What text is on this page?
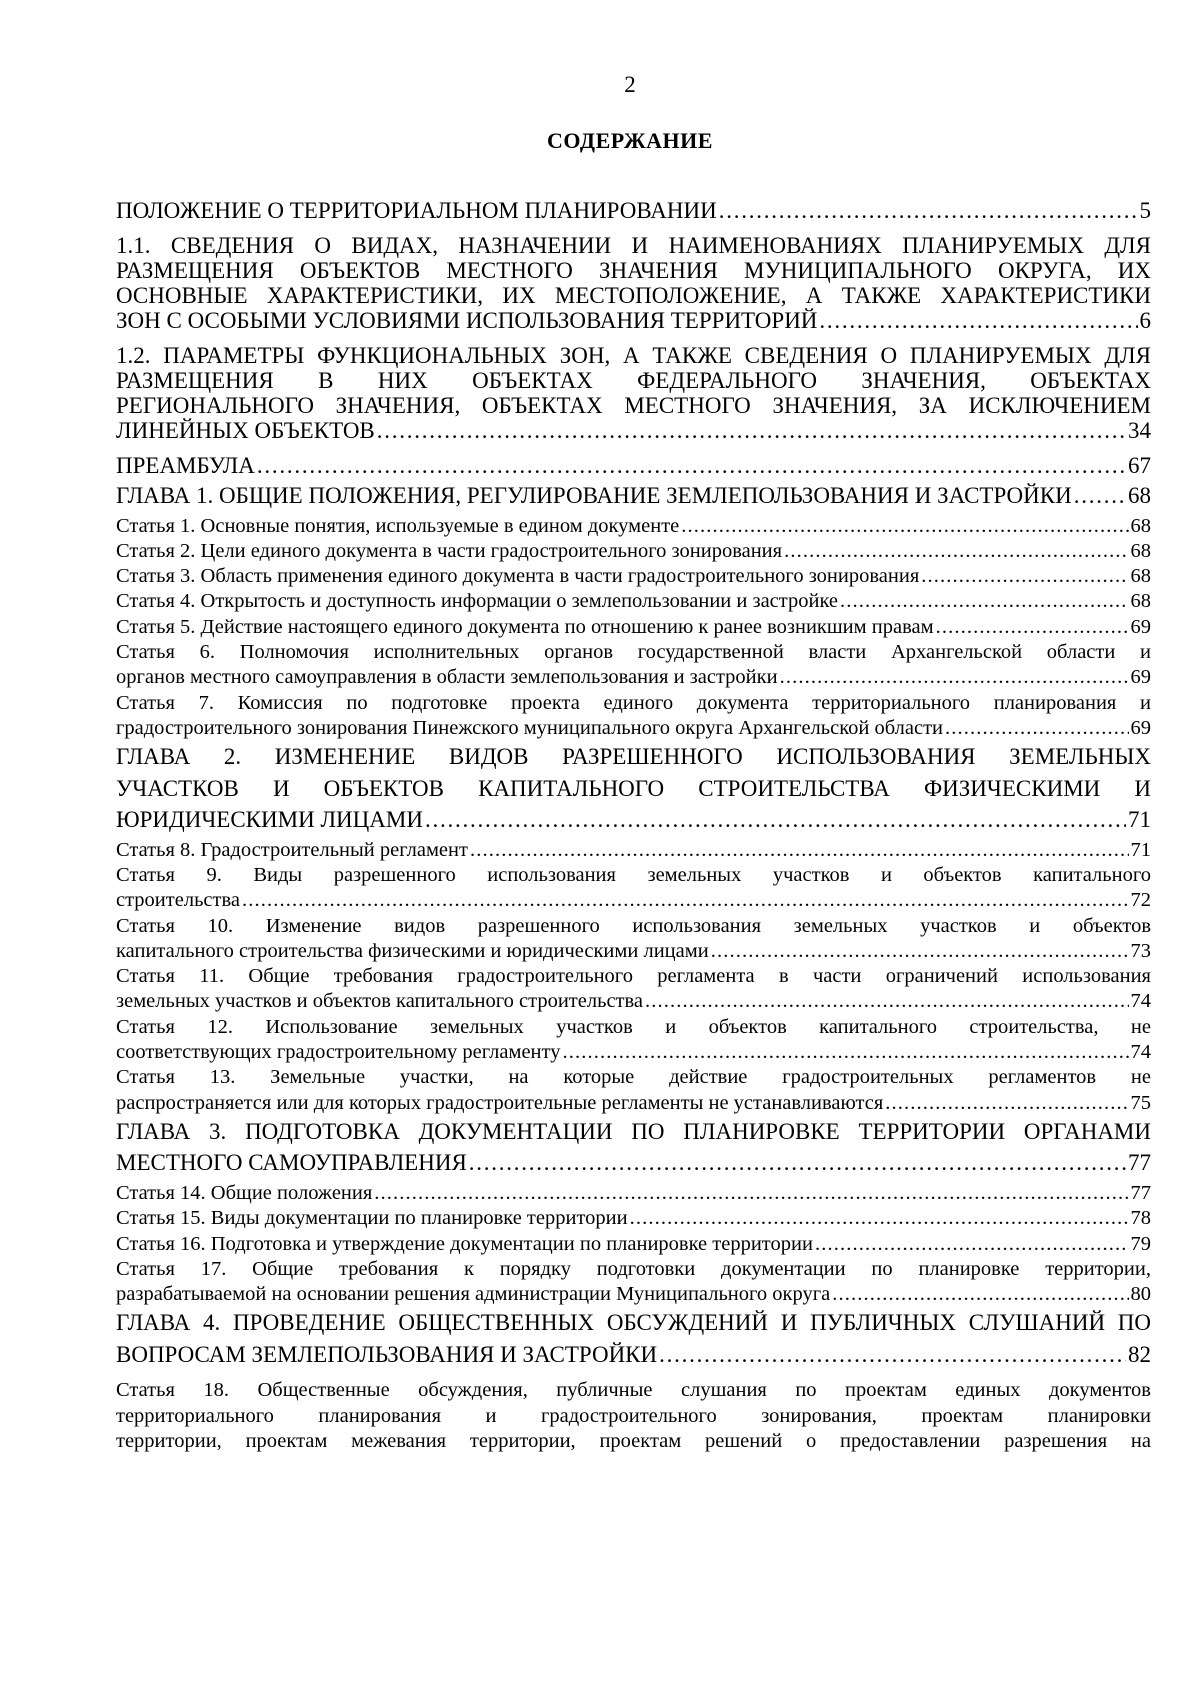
2
СОДЕРЖАНИЕ
ПОЛОЖЕНИЕ О ТЕРРИТОРИАЛЬНОМ ПЛАНИРОВАНИИ . . .	5
1.1. СВЕДЕНИЯ О ВИДАХ, НАЗНАЧЕНИИ И НАИМЕНОВАНИЯХ ПЛАНИРУЕМЫХ ДЛЯ
РАЗМЕЩЕНИЯ ОБЪЕКТОВ МЕСТНОГО ЗНАЧЕНИЯ МУНИЦИПАЛЬНОГО ОКРУГА, ИХ
ОСНОВНЫЕ ХАРАКТЕРИСТИКИ, ИХ МЕСТОПОЛОЖЕНИЕ, А ТАКЖЕ ХАРАКТЕРИСТИКИ
ЗОН С ОСОБЫМИ УСЛОВИЯМИ ИСПОЛЬЗОВАНИЯ ТЕРРИТОРИЙ . . .	6
1.2. ПАРАМЕТРЫ ФУНКЦИОНАЛЬНЫХ ЗОН, А ТАКЖЕ СВЕДЕНИЯ О ПЛАНИРУЕМЫХ ДЛЯ
РАЗМЕЩЕНИЯ В НИХ ОБЪЕКТАХ ФЕДЕРАЛЬНОГО ЗНАЧЕНИЯ, ОБЪЕКТАХ
РЕГИОНАЛЬНОГО ЗНАЧЕНИЯ, ОБЪЕКТАХ МЕСТНОГО ЗНАЧЕНИЯ, ЗА ИСКЛЮЧЕНИЕМ
ЛИНЕЙНЫХ ОБЪЕКТОВ . . .	34
ПРЕАМБУЛА . . .	67
ГЛАВА 1. ОБЩИЕ ПОЛОЖЕНИЯ, РЕГУЛИРОВАНИЕ ЗЕМЛЕПОЛЬЗОВАНИЯ И ЗАСТРОЙКИ . . . 68
Статья 1. Основные понятия, используемые в едином документе . . .	68
Статья 2. Цели единого документа в части градостроительного зонирования . . .	68
Статья 3. Область применения единого документа в части градостроительного зонирования . . .	68
Статья 4. Открытость и доступность информации о землепользовании и застройке . . .	68
Статья 5. Действие настоящего единого документа по отношению к ранее возникшим правам . . .	69
Статья 6. Полномочия исполнительных органов государственной власти Архангельской области и
органов местного самоуправления в области землепользования и застройки . . .	69
Статья 7. Комиссия по подготовке проекта единого документа территориального планирования и
градостроительного зонирования Пинежского муниципального округа Архангельской области . . .	69
ГЛАВА 2. ИЗМЕНЕНИЕ ВИДОВ РАЗРЕШЕННОГО ИСПОЛЬЗОВАНИЯ ЗЕМЕЛЬНЫХ
УЧАСТКОВ И ОБЪЕКТОВ КАПИТАЛЬНОГО СТРОИТЕЛЬСТВА ФИЗИЧЕСКИМИ И
ЮРИДИЧЕСКИМИ ЛИЦАМИ . . .	71
Статья 8. Градостроительный регламент . . .	71
Статья 9. Виды разрешенного использования земельных участков и объектов капитального
строительства . . .	72
Статья 10. Изменение видов разрешенного использования земельных участков и объектов
капитального строительства физическими и юридическими лицами . . .	73
Статья 11. Общие требования градостроительного регламента в части ограничений использования
земельных участков и объектов капитального строительства . . .	74
Статья 12. Использование земельных участков и объектов капитального строительства, не
соответствующих градостроительному регламенту . . .	74
Статья 13. Земельные участки, на которые действие градостроительных регламентов не
распространяется или для которых градостроительные регламенты не устанавливаются . . .	75
ГЛАВА 3. ПОДГОТОВКА ДОКУМЕНТАЦИИ ПО ПЛАНИРОВКЕ ТЕРРИТОРИИ ОРГАНАМИ
МЕСТНОГО САМОУПРАВЛЕНИЯ . . .	77
Статья 14. Общие положения . . .	77
Статья 15. Виды документации по планировке территории . . .	78
Статья 16. Подготовка и утверждение документации по планировке территории . . .	79
Статья 17. Общие требования к порядку подготовки документации по планировке территории,
разрабатываемой на основании решения администрации Муниципального округа . . .	80
ГЛАВА 4. ПРОВЕДЕНИЕ ОБЩЕСТВЕННЫХ ОБСУЖДЕНИЙ И ПУБЛИЧНЫХ СЛУШАНИЙ ПО
ВОПРОСАМ ЗЕМЛЕПОЛЬЗОВАНИЯ И ЗАСТРОЙКИ . . .	82
Статья 18. Общественные обсуждения, публичные слушания по проектам единых документов
территориального планирования и градостроительного зонирования, проектам планировки
территории, проектам межевания территории, проектам решений о предоставлении разрешения на
